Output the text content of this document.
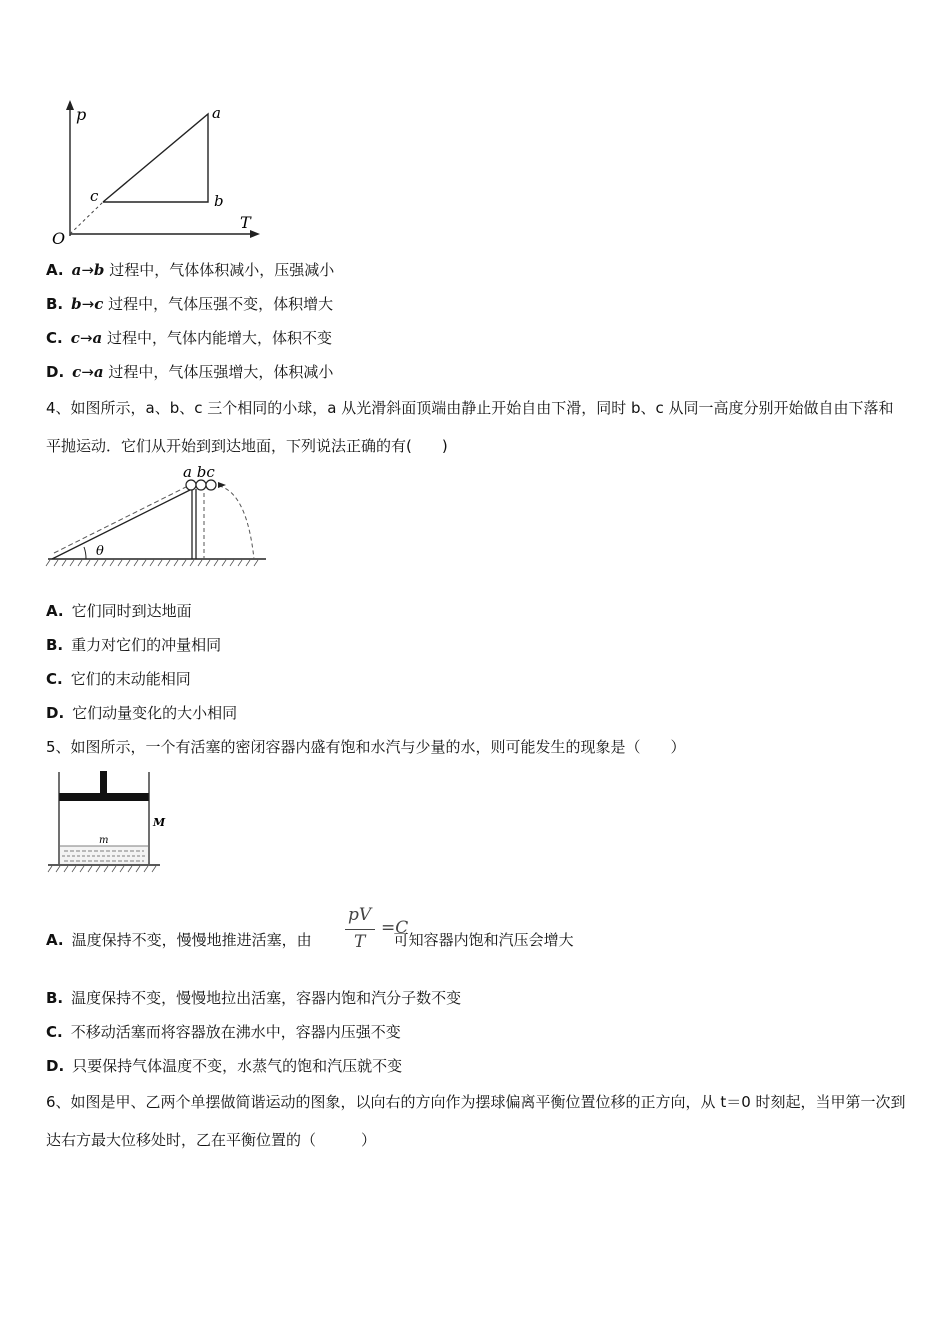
p
T
O
a
b
c
A. a→b 过程中，气体体积减小，压强减小
B. b→c 过程中，气体压强不变，体积增大
C. c→a 过程中，气体内能增大，体积不变
D. c→a 过程中，气体压强增大，体积减小
4、如图所示，a、b、c 三个相同的小球，a 从光滑斜面顶端由静止开始自由下滑，同时 b、c 从同一高度分别开始做自由下落和平抛运动．它们从开始到到达地面，下列说法正确的有(　　)
a bc
θ
A. 它们同时到达地面
B. 重力对它们的冲量相同
C. 它们的末动能相同
D. 它们动量变化的大小相同
5、如图所示，一个有活塞的密闭容器内盛有饱和水汽与少量的水，则可能发生的现象是（　　）
M
m
A. 温度保持不变，慢慢地推进活塞，由	可知容器内饱和汽压会增大
pV
T
=C
B. 温度保持不变，慢慢地拉出活塞，容器内饱和汽分子数不变
C. 不移动活塞而将容器放在沸水中，容器内压强不变
D. 只要保持气体温度不变，水蒸气的饱和汽压就不变
6、如图是甲、乙两个单摆做简谐运动的图象，以向右的方向作为摆球偏离平衡位置位移的正方向，从 t＝0 时刻起，当甲第一次到达右方最大位移处时，乙在平衡位置的（　　　）
